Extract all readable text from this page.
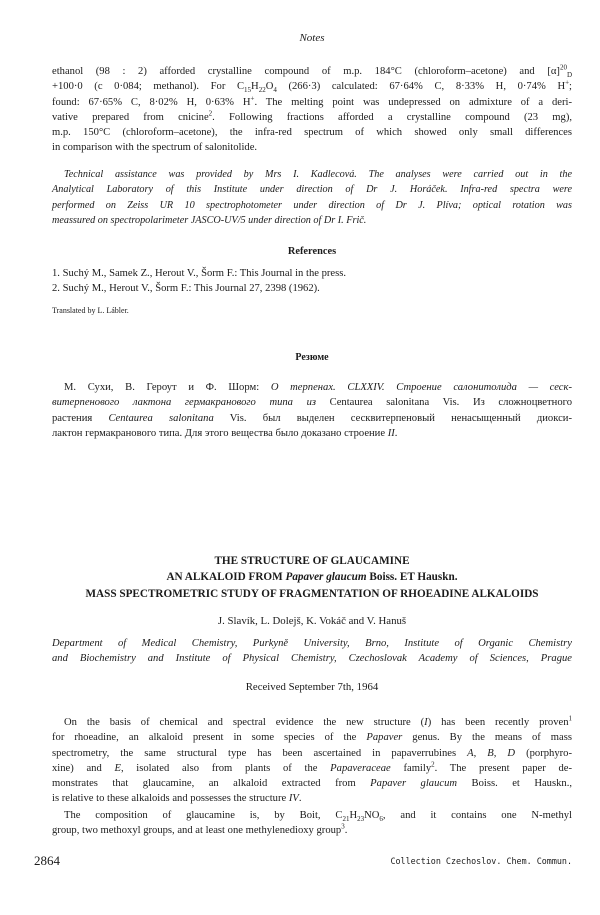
Notes
ethanol (98 : 2) afforded crystalline compound of m.p. 184°C (chloroform–acetone) and $[\alpha]^{20}_D$
+100·0 (c 0·084; methanol). For $C_{15}H_{22}O_4$ (266·3) calculated: 67·64% C, 8·33% H, 0·74% H+;
found: 67·65% C, 8·02% H, 0·63% H+. The melting point was undepressed on admixture of a deri-
vative prepared from cnicine$^2$. Following fractions afforded a crystalline compound (23 mg),
m.p. 150°C (chloroform–acetone), the infra-red spectrum of which showed only small differences
in comparison with the spectrum of salonitolide.
Technical assistance was provided by Mrs I. Kadlecová. The analyses were carried out in the
Analytical Laboratory of this Institute under direction of Dr J. Horáček. Infra-red spectra were
performed on Zeiss UR 10 spectrophotometer under direction of Dr J. Plíva; optical rotation was
meassured on spectropolarimeter JASCO-UV/5 under direction of Dr I. Frič.
References
1. Suchý M., Samek Z., Herout V., Šorm F.: This Journal in the press.
2. Suchý M., Herout V., Šorm F.: This Journal 27, 2398 (1962).
Translated by L. Lábler.
Резюме
М. Сухи, В. Героут и Ф. Шорм: О терпенах. CLXXIV. Строение салонитолида — сеск-
витерпенового лактона гермакранового типа из Centaurea salonitana Vis. Из сложноцветного
растения Centaurea salonitana Vis. был выделен сесквитерпеновый ненасыщенный диокси-
лактон гермакранового типа. Для этого вещества было доказано строение II.
THE STRUCTURE OF GLAUCAMINE
AN ALKALOID FROM Papaver glaucum Boiss. ET Hauskn.
MASS SPECTROMETRIC STUDY OF FRAGMENTATION OF RHOEADINE ALKALOIDS
J. Slavík, L. Dolejš, K. Vokáč and V. Hanuš
Department of Medical Chemistry, Purkyně University, Brno, Institute of Organic Chemistry
and Biochemistry and Institute of Physical Chemistry, Czechoslovak Academy of Sciences, Prague
Received September 7th, 1964
On the basis of chemical and spectral evidence the new structure (I) has been recently proven$^1$
for rhoeadine, an alkaloid present in some species of the Papaver genus. By the means of mass
spectrometry, the same structural type has been ascertained in papaverrubines A, B, D (porphyro-
xine) and E, isolated also from plants of the Papaveraceae family$^2$. The present paper de-
monstrates that glaucamine, an alkaloid extracted from Papaver glaucum Boiss. et Hauskn.,
is relative to these alkaloids and possesses the structure IV.
The composition of glaucamine is, by Boit, $C_{21}H_{23}NO_6$, and it contains one N-methyl
group, two methoxyl groups, and at least one methylenedioxy group$^3$.
2864	Collection Czechoslov. Chem. Commun.
